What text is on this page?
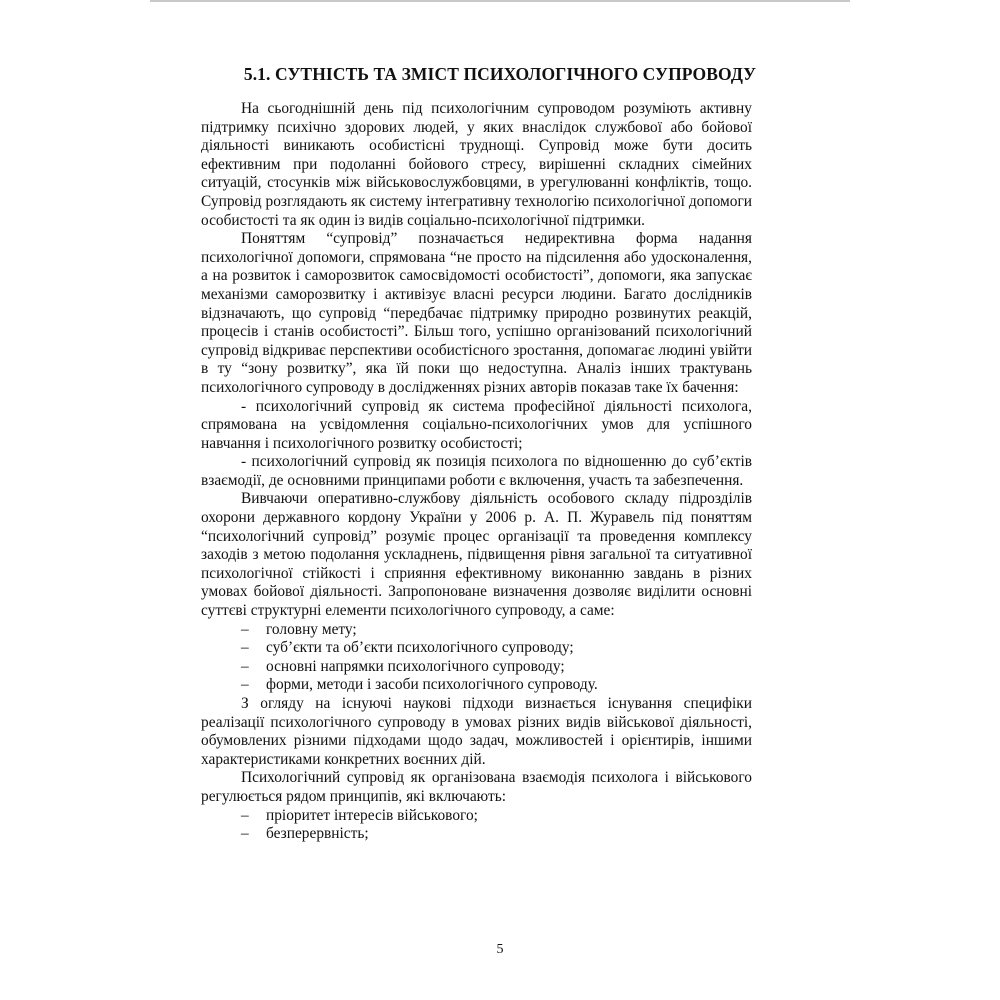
5.1. СУТНІСТЬ ТА ЗМІСТ ПСИХОЛОГІЧНОГО СУПРОВОДУ

На сьогоднішній день під психологічним супроводом розуміють активну підтримку психічно здорових людей, у яких внаслідок службової або бойової діяльності виникають особистісні труднощі. Супровід може бути досить ефективним при подоланні бойового стресу, вирішенні складних сімейних ситуацій, стосунків між військовослужбовцями, в урегулюванні конфліктів, тощо. Супровід розглядають як систему інтегративну технологію психологічної допомоги особистості та як один із видів соціально-психологічної підтримки.

Поняттям “супровід” позначається недирективна форма надання психологічної допомоги, спрямована “не просто на підсилення або удосконалення, а на розвиток і саморозвиток самосвідомості особистості”, допомоги, яка запускає механізми саморозвитку і активізує власні ресурси людини. Багато дослідників відзначають, що супровід “передбачає підтримку природно розвинутих реакцій, процесів і станів особистості”. Більш того, успішно організований психологічний супровід відкриває перспективи особистісного зростання, допомагає людині увійти в ту “зону розвитку”, яка їй поки що недоступна. Аналіз інших трактувань психологічного супроводу в дослідженнях різних авторів показав таке їх бачення:

- психологічний супровід як система професійної діяльності психолога, спрямована на усвідомлення соціально-психологічних умов для успішного навчання і психологічного розвитку особистості;
- психологічний супровід як позиція психолога по відношенню до суб’єктів взаємодії, де основними принципами роботи є включення, участь та забезпечення.

Вивчаючи оперативно-службову діяльність особового складу підрозділів охорони державного кордону України у 2006 р. А. П. Журавель під поняттям “психологічний супровід” розуміє процес організації та проведення комплексу заходів з метою подолання ускладнень, підвищення рівня загальної та ситуативної психологічної стійкості і сприяння ефективному виконанню завдань в різних умовах бойової діяльності. Запропоноване визначення дозволяє виділити основні суттєві структурні елементи психологічного супроводу, а саме:

– головну мету;
– суб’єкти та об’єкти психологічного супроводу;
– основні напрямки психологічного супроводу;
– форми, методи і засоби психологічного супроводу.

З огляду на існуючі наукові підходи визнається існування специфіки реалізації психологічного супроводу в умовах різних видів військової діяльності, обумовлених різними підходами щодо задач, можливостей і орієнтирів, іншими характеристиками конкретних воєнних дій.

Психологічний супровід як організована взаємодія психолога і військового регулюється рядом принципів, які включають:

– пріоритет інтересів військового;
– безперервність;
5
